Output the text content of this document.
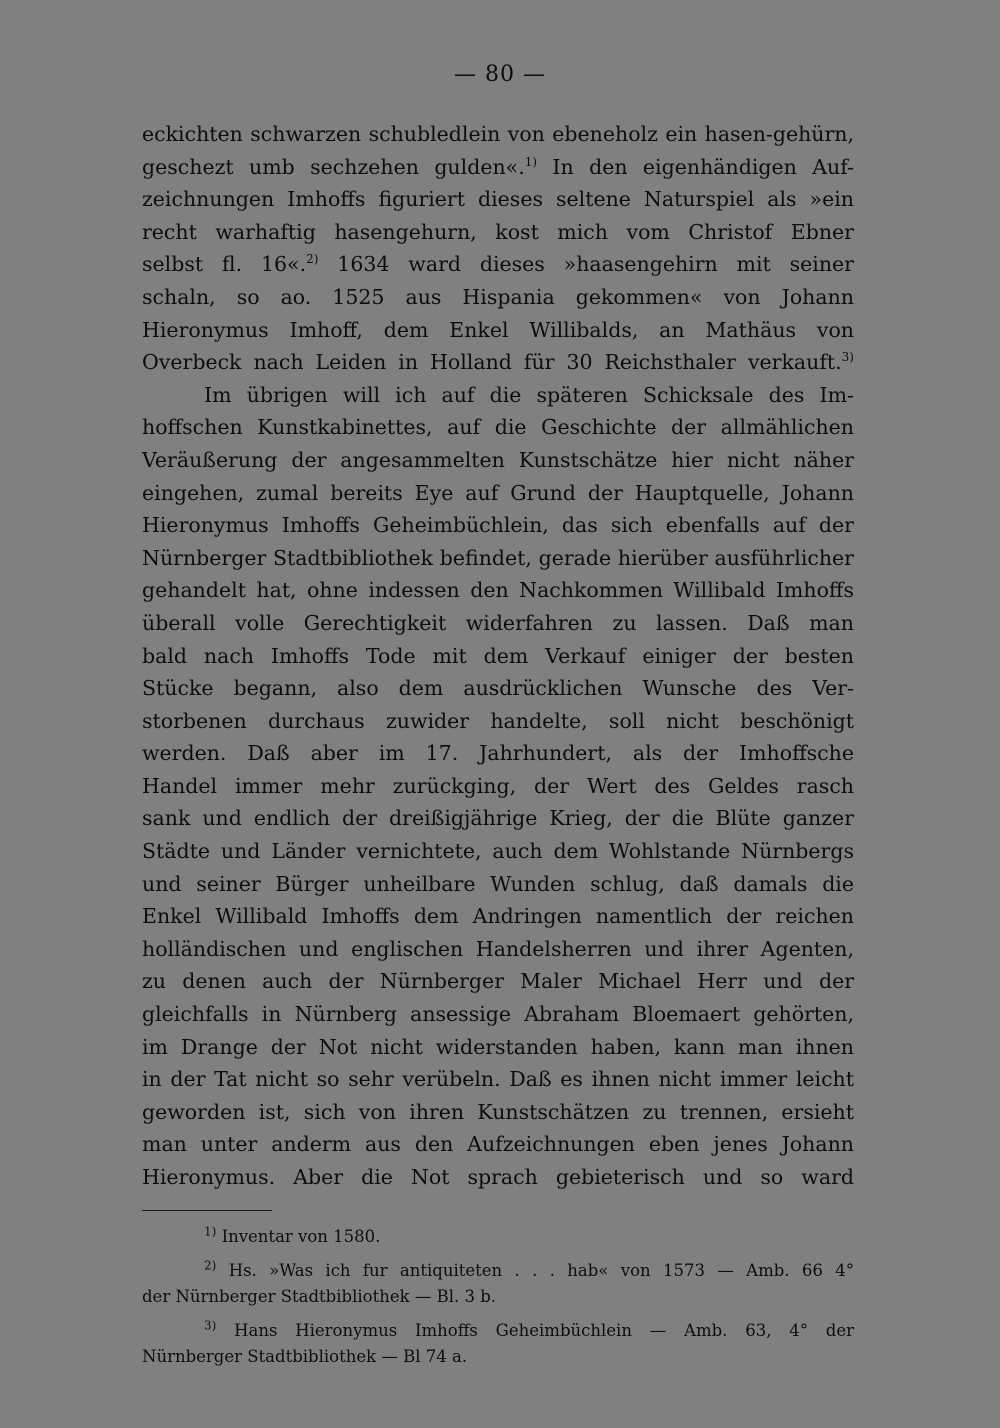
— 80 —
eckichten schwarzen schubledlein von ebeneholz ein hasen-gehürn,
geschezt umb sechzehen gulden«.$^{1)}$ In den eigenhändigen Auf-
zeichnungen Imhoffs figuriert dieses seltene Naturspiel als »ein
recht warhaftig hasengehurn, kost mich vom Christof Ebner
selbst fl. 16«.$^{2)}$ 1634 ward dieses »haasengehirn mit seiner
schaln, so ao. 1525 aus Hispania gekommen« von Johann
Hieronymus Imhoff, dem Enkel Willibalds, an Mathäus von
Overbeck nach Leiden in Holland für 30 Reichsthaler verkauft.$^{3)}$
Im übrigen will ich auf die späteren Schicksale des Im-
hoffschen Kunstkabinettes, auf die Geschichte der allmählichen
Veräußerung der angesammelten Kunstschätze hier nicht näher
eingehen, zumal bereits Eye auf Grund der Hauptquelle, Johann
Hieronymus Imhoffs Geheimbüchlein, das sich ebenfalls auf der
Nürnberger Stadtbibliothek befindet, gerade hierüber ausführlicher
gehandelt hat, ohne indessen den Nachkommen Willibald Imhoffs
überall volle Gerechtigkeit widerfahren zu lassen. Daß man
bald nach Imhoffs Tode mit dem Verkauf einiger der besten
Stücke begann, also dem ausdrücklichen Wunsche des Ver-
storbenen durchaus zuwider handelte, soll nicht beschönigt
werden. Daß aber im 17. Jahrhundert, als der Imhoffsche
Handel immer mehr zurückging, der Wert des Geldes rasch
sank und endlich der dreißigjährige Krieg, der die Blüte ganzer
Städte und Länder vernichtete, auch dem Wohlstande Nürnbergs
und seiner Bürger unheilbare Wunden schlug, daß damals die
Enkel Willibald Imhoffs dem Andringen namentlich der reichen
holländischen und englischen Handelsherren und ihrer Agenten,
zu denen auch der Nürnberger Maler Michael Herr und der
gleichfalls in Nürnberg ansessige Abraham Bloemaert gehörten,
im Drange der Not nicht widerstanden haben, kann man ihnen
in der Tat nicht so sehr verübeln. Daß es ihnen nicht immer leicht
geworden ist, sich von ihren Kunstschätzen zu trennen, ersieht
man unter anderm aus den Aufzeichnungen eben jenes Johann
Hieronymus. Aber die Not sprach gebieterisch und so ward
$^{1)}$ Inventar von 1580.
$^{2)}$ Hs. »Was ich fur antiquiteten . . . hab« von 1573 — Amb. 66 4°
der Nürnberger Stadtbibliothek — Bl. 3 b.
$^{3)}$ Hans Hieronymus Imhoffs Geheimbüchlein — Amb. 63, 4° der
Nürnberger Stadtbibliothek — Bl 74 a.
